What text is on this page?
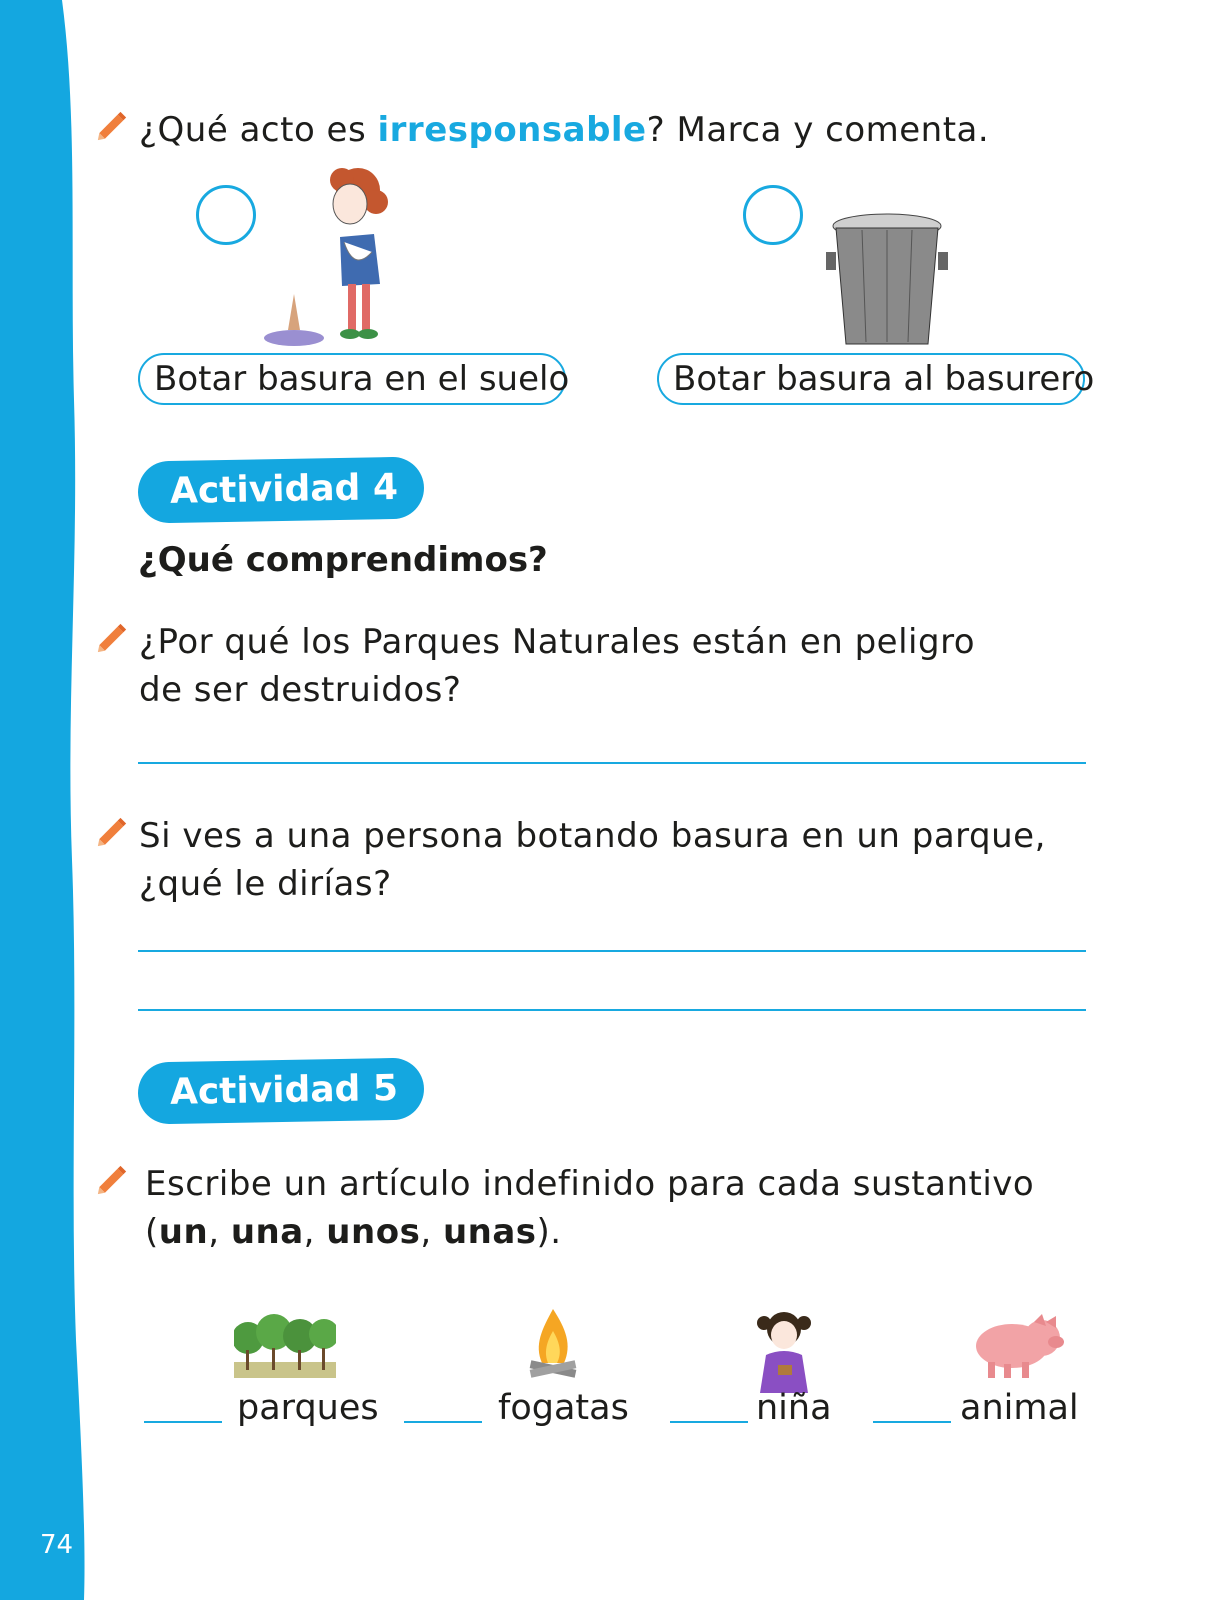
74
¿Qué acto es irresponsable? Marca y comenta.
Botar basura en el suelo	Botar basura al basurero
Actividad 4
¿Qué comprendimos?
¿Por qué los Parques Naturales están en peligro
de ser destruidos?
Si ves a una persona botando basura en un parque,
¿qué le dirías?
Actividad 5
Escribe un artículo indefinido para cada sustantivo
(un, una, unos, unas).
parques	fogatas	niña	animal
